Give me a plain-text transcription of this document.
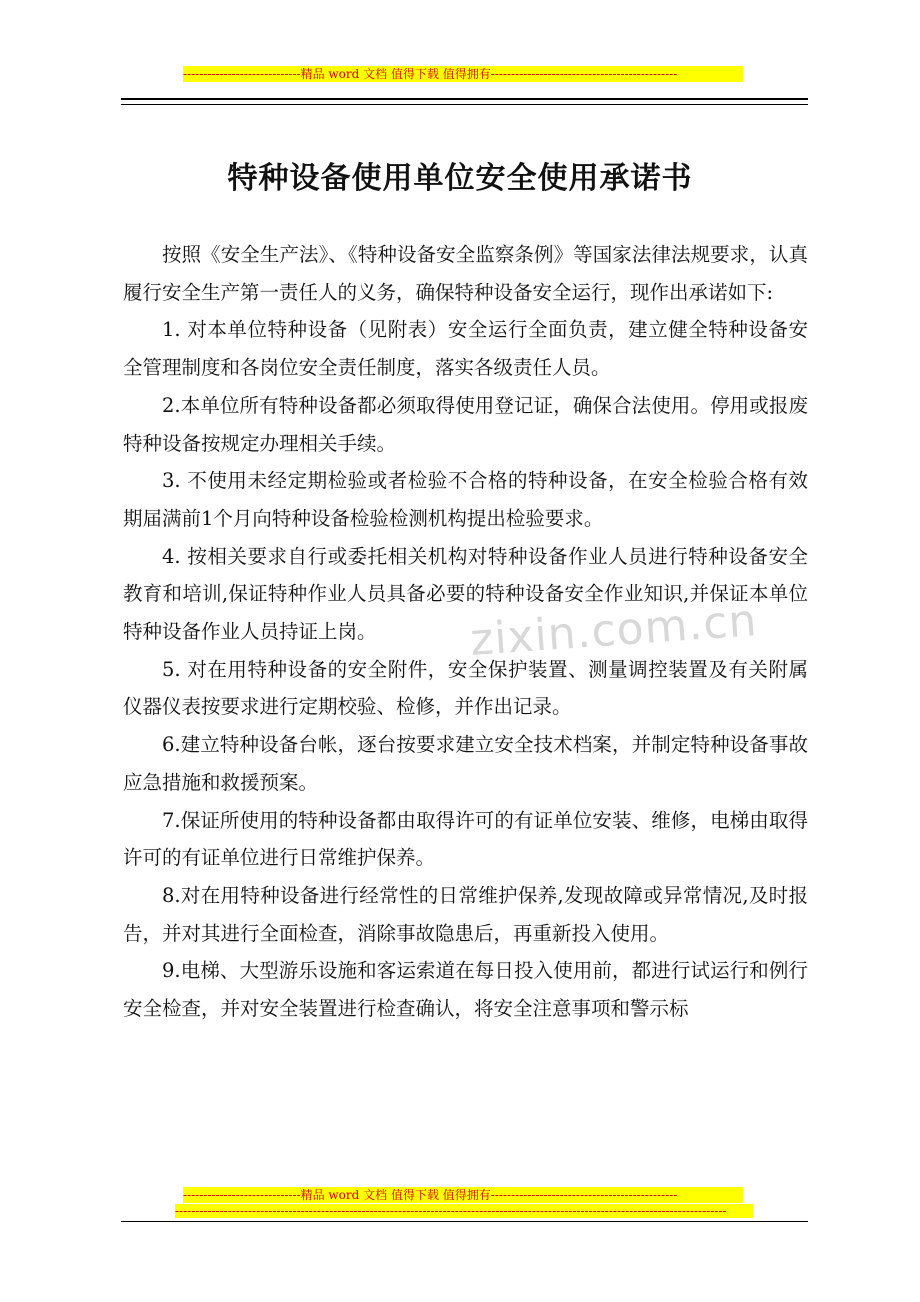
-----------------------------精品 word 文档 值得下载 值得拥有----------------------------------------------
zixin.com.cn
特种设备使用单位安全使用承诺书

按照《安全生产法》、《特种设备安全监察条例》等国家法律法规要求，认真履行安全生产第一责任人的义务，确保特种设备安全运行，现作出承诺如下:

1. 对本单位特种设备（见附表）安全运行全面负责，建立健全特种设备安全管理制度和各岗位安全责任制度，落实各级责任人员。

2.本单位所有特种设备都必须取得使用登记证，确保合法使用。停用或报废特种设备按规定办理相关手续。

3. 不使用未经定期检验或者检验不合格的特种设备，在安全检验合格有效期届满前1个月向特种设备检验检测机构提出检验要求。

4. 按相关要求自行或委托相关机构对特种设备作业人员进行特种设备安全教育和培训,保证特种作业人员具备必要的特种设备安全作业知识,并保证本单位特种设备作业人员持证上岗。

5. 对在用特种设备的安全附件，安全保护装置、测量调控装置及有关附属仪器仪表按要求进行定期校验、检修，并作出记录。

6.建立特种设备台帐，逐台按要求建立安全技术档案，并制定特种设备事故应急措施和救援预案。

7.保证所使用的特种设备都由取得许可的有证单位安装、维修，电梯由取得许可的有证单位进行日常维护保养。

8.对在用特种设备进行经常性的日常维护保养,发现故障或异常情况,及时报告，并对其进行全面检查，消除事故隐患后，再重新投入使用。

9.电梯、大型游乐设施和客运索道在每日投入使用前，都进行试运行和例行安全检查，并对安全装置进行检查确认，将安全注意事项和警示标

-----------------------------精品 word 文档 值得下载 值得拥有----------------------------------------------
----------------------------------------------------------------------------------------------------------------------------------------
